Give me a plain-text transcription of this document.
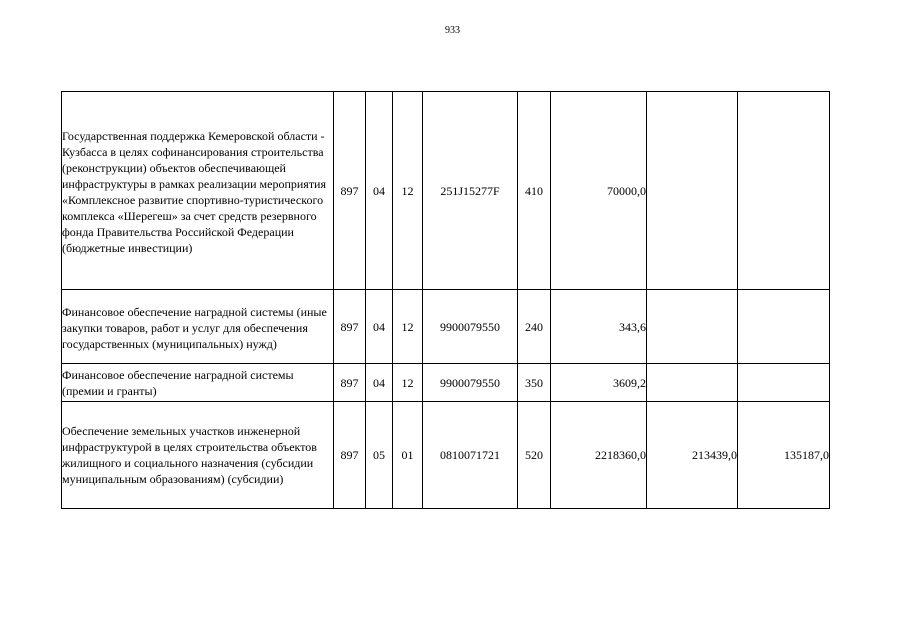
933
Государственная поддержка Кемеровской области - Кузбасса в целях софинансирования строительства (реконструкции) объектов обеспечивающей инфраструктуры в рамках реализации мероприятия «Комплексное развитие спортивно-туристического комплекса «Шерегеш» за счет средств резервного фонда Правительства Российской Федерации (бюджетные инвестиции)	897	04	12	251J15277F	410	70000,0		
Финансовое обеспечение наградной системы (иные закупки товаров, работ и услуг для обеспечения государственных (муниципальных) нужд)	897	04	12	9900079550	240	343,6		
Финансовое обеспечение наградной системы (премии и гранты)	897	04	12	9900079550	350	3609,2		
Обеспечение земельных участков инженерной инфраструктурой в целях строительства объектов жилищного и социального назначения (субсидии муниципальным образованиям) (субсидии)	897	05	01	0810071721	520	2218360,0	213439,0	135187,0
